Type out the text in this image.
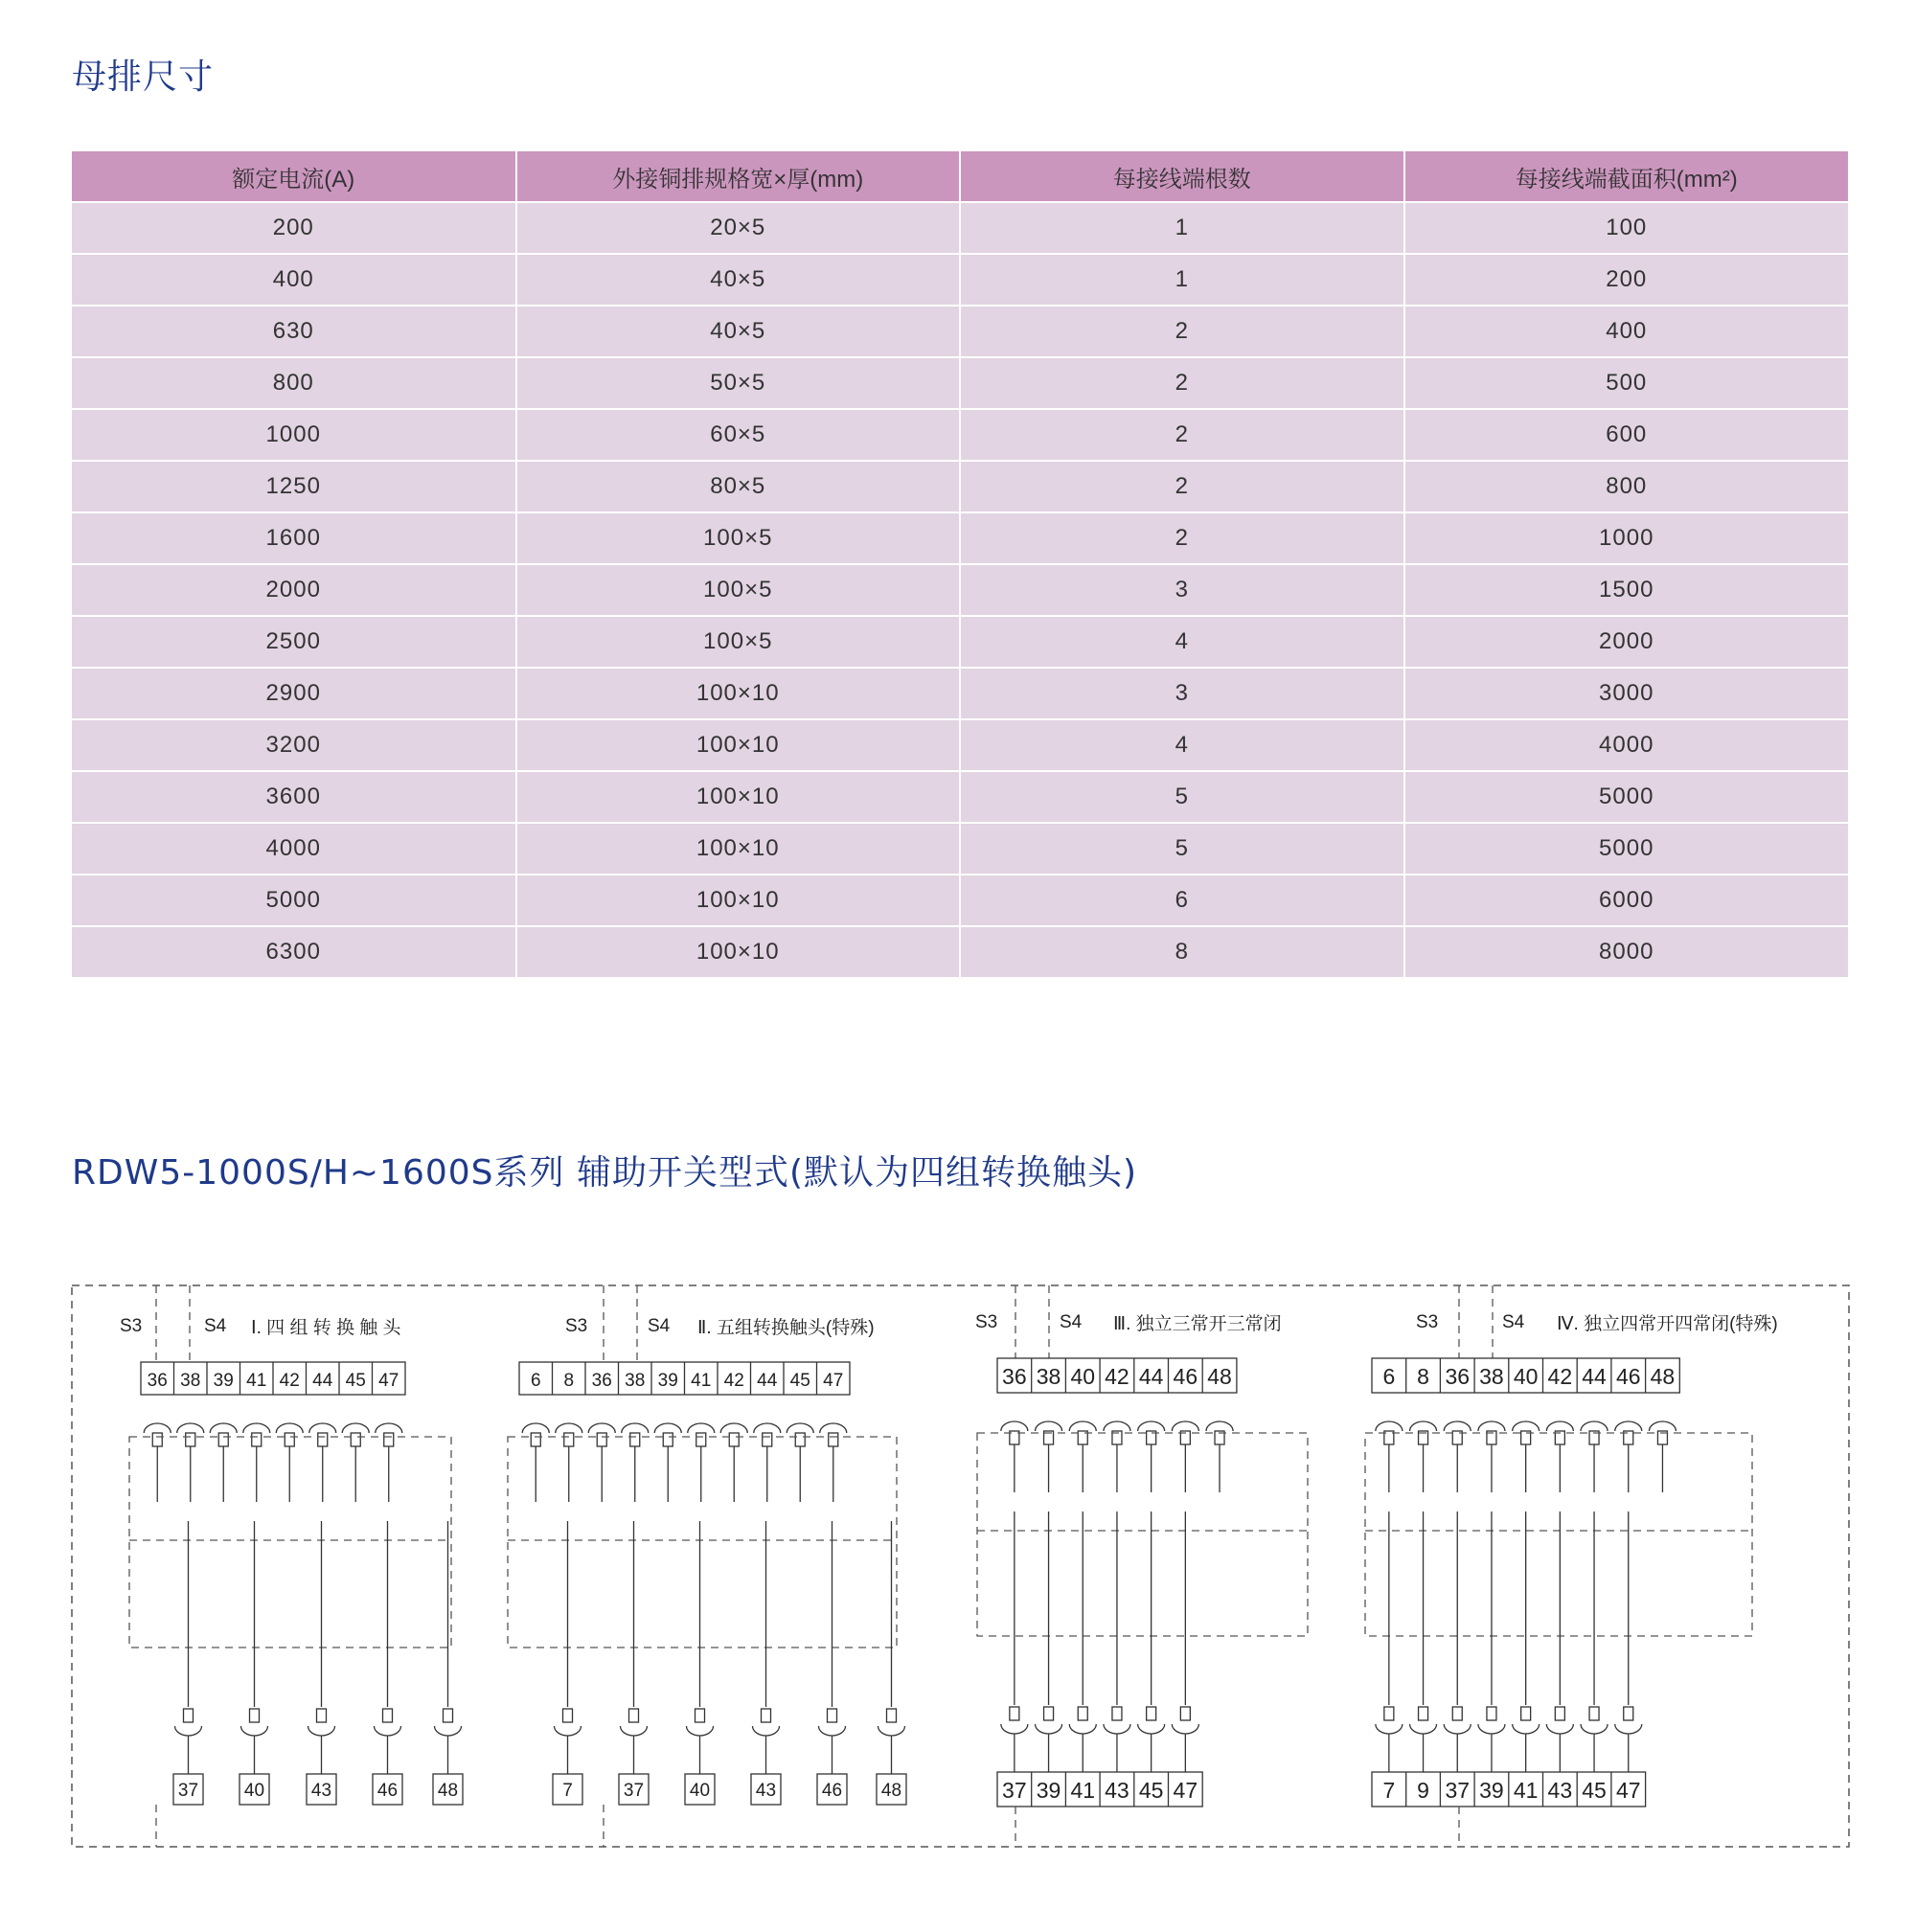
母排尺寸
额定电流(A)	外接铜排规格宽×厚(mm)	每接线端根数	每接线端截面积(mm²)
200	20×5	1	100
400	40×5	1	200
630	40×5	2	400
800	50×5	2	500
1000	60×5	2	600
1250	80×5	2	800
1600	100×5	2	1000
2000	100×5	3	1500
2500	100×5	4	2000
2900	100×10	3	3000
3200	100×10	4	4000
3600	100×10	5	5000
4000	100×10	5	5000
5000	100×10	6	6000
6300	100×10	8	8000
RDW5-1000S/H~1600S系列 辅助开关型式(默认为四组转换触头)
S3	S4 Ⅰ. 四 组 转 换 触 头
36 38 39 41 42 44 45 47
37	40	43	46 48
S3	S4 Ⅱ. 五组转换触头(特殊)
6 8 36 38 39 41 42 44 45 47
7	37	40	43	46 48
S3	S4 Ⅲ. 独立三常开三常闭
36 38 40 42 44 46 48
37 39 41 43 45 47
S3	S4 Ⅳ. 独立四常开四常闭(特殊)
6 8 36 38 40 42 44 46 48
7 9 37 39 41 43 45 47
